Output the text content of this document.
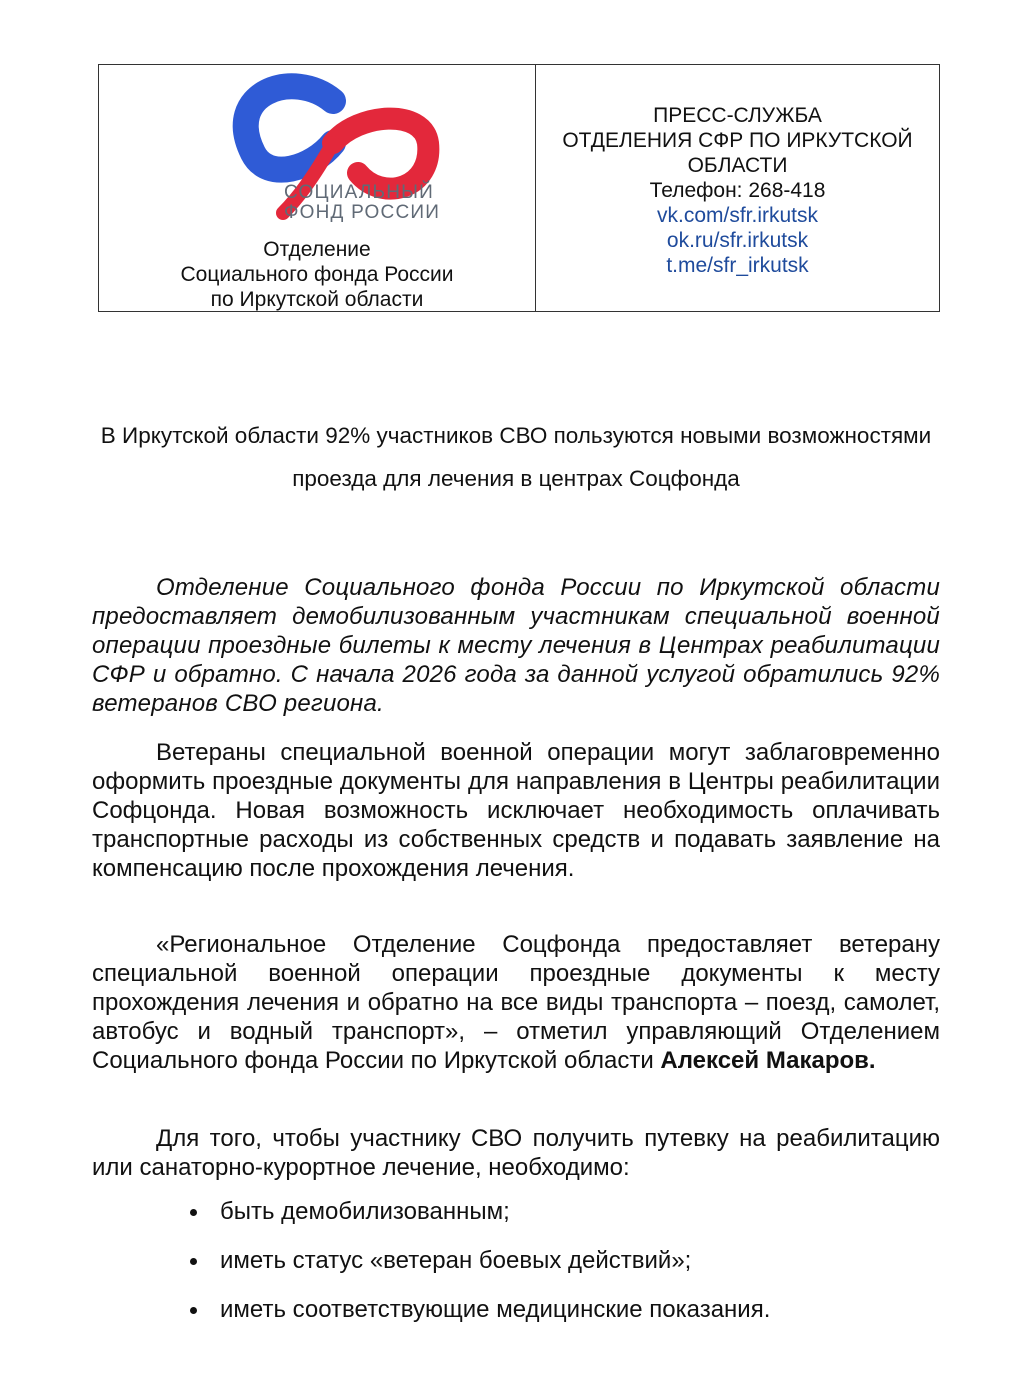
СОЦИАЛЬНЫЙ
ФОНД РОССИИ
Отделение
Социального фонда России
по Иркутской области
ПРЕСС-СЛУЖБА
ОТДЕЛЕНИЯ СФР ПО ИРКУТСКОЙ
ОБЛАСТИ
Телефон: 268-418
vk.com/sfr.irkutsk
ok.ru/sfr.irkutsk
t.me/sfr_irkutsk
В Иркутской области 92% участников СВО пользуются новыми возможностями проезда для лечения в центрах Соцфонда

Отделение Социального фонда России по Иркутской области предоставляет демобилизованным участникам специальной военной операции проездные билеты к месту лечения в Центрах реабилитации СФР и обратно. С начала 2026 года за данной услугой обратились 92% ветеранов СВО региона.

Ветераны специальной военной операции могут заблаговременно оформить проездные документы для направления в Центры реабилитации Софцонда. Новая возможность исключает необходимость оплачивать транспортные расходы из собственных средств и подавать заявление на компенсацию после прохождения лечения.

«Региональное Отделение Соцфонда предоставляет ветерану специальной военной операции проездные документы к месту прохождения лечения и обратно на все виды транспорта – поезд, самолет, автобус и водный транспорт», – отметил управляющий Отделением Социального фонда России по Иркутской области Алексей Макаров.

Для того, чтобы участнику СВО получить путевку на реабилитацию или санаторно-курортное лечение, необходимо:

быть демобилизованным;
иметь статус «ветеран боевых действий»;
иметь соответствующие медицинские показания.
